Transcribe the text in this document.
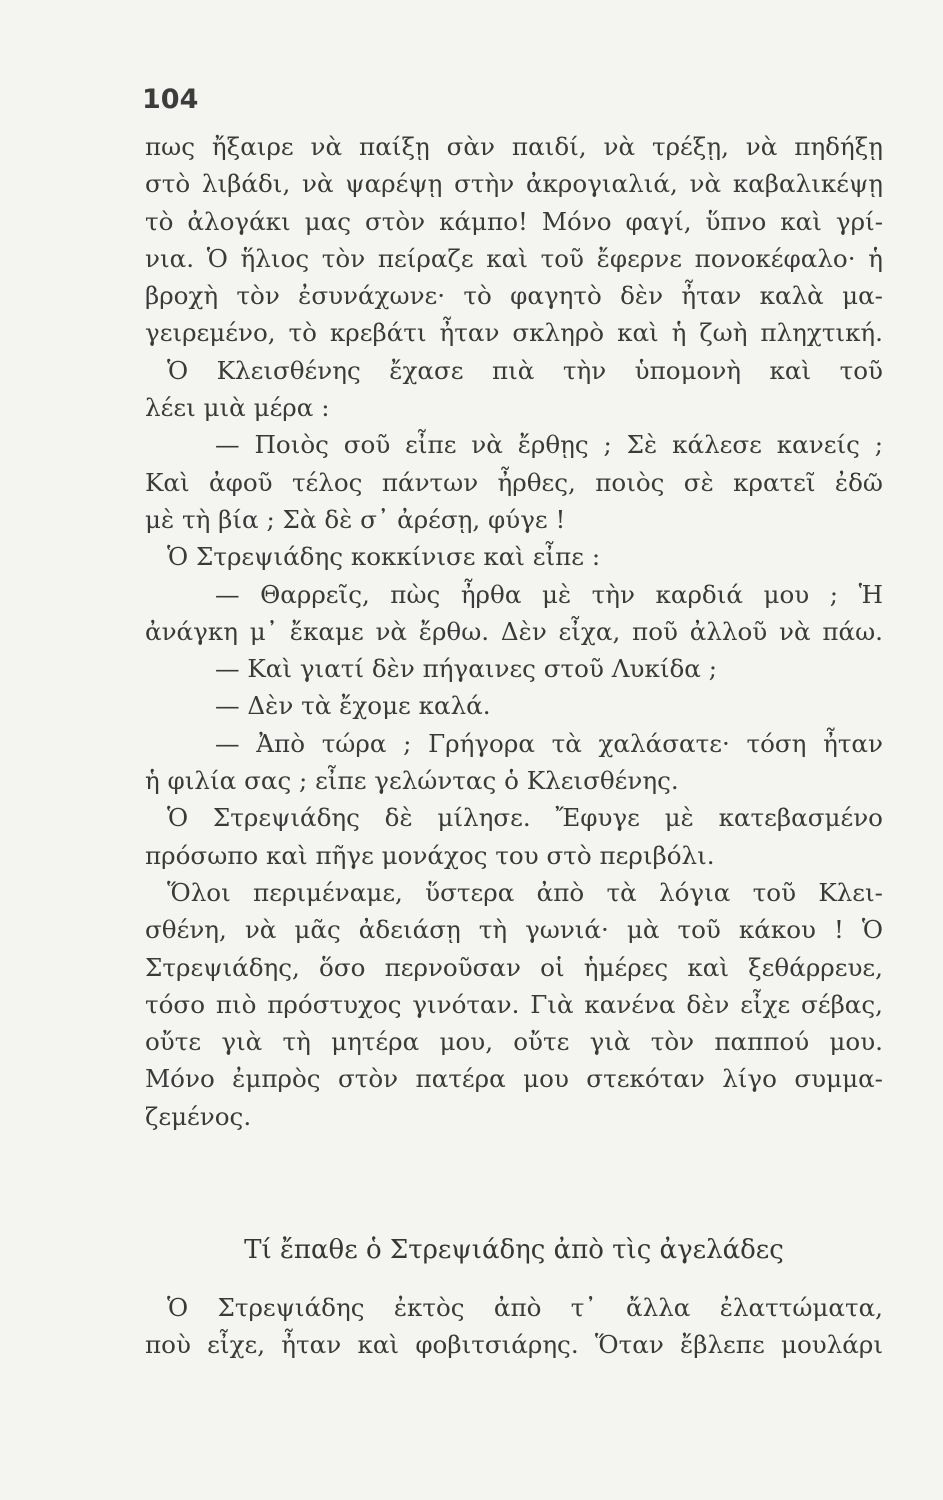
104
πως ἤξαιρε νὰ παίξῃ σὰν παιδί, νὰ τρέξῃ, νὰ πηδήξῃ
στὸ λιβάδι, νὰ ψαρέψῃ στὴν ἀκρογιαλιά, νὰ καβαλικέψῃ
τὸ ἀλογάκι μας στὸν κάμπο! Μόνο φαγί, ὕπνο καὶ γρί-
νια. Ὁ ἥλιος τὸν πείραζε καὶ τοῦ ἔφερνε πονοκέφαλο· ἡ
βροχὴ τὸν ἐσυνάχωνε· τὸ φαγητὸ δὲν ἦταν καλὰ μα-
γειρεμένο, τὸ κρεβάτι ἦταν σκληρὸ καὶ ἡ ζωὴ πληχτική.
Ὁ Κλεισθένης ἔχασε πιὰ τὴν ὑπομονὴ καὶ τοῦ
λέει μιὰ μέρα :
— Ποιὸς σοῦ εἶπε νὰ ἔρθῃς ; Σὲ κάλεσε κανείς ;
Καὶ ἀφοῦ τέλος πάντων ἦρθες, ποιὸς σὲ κρατεῖ ἐδῶ
μὲ τὴ βία ; Σὰ δὲ σ᾽ ἀρέσῃ, φύγε !
Ὁ Στρεψιάδης κοκκίνισε καὶ εἶπε :
— Θαρρεῖς, πὼς ἦρθα μὲ τὴν καρδιά μου ; Ἡ
ἀνάγκη μ᾽ ἔκαμε νὰ ἔρθω. Δὲν εἶχα, ποῦ ἀλλοῦ νὰ πάω.
— Καὶ γιατί δὲν πήγαινες στοῦ Λυκίδα ;
— Δὲν τὰ ἔχομε καλά.
— Ἀπὸ τώρα ; Γρήγορα τὰ χαλάσατε· τόση ἦταν
ἡ φιλία σας ; εἶπε γελώντας ὁ Κλεισθένης.
Ὁ Στρεψιάδης δὲ μίλησε. Ἔφυγε μὲ κατεβασμένο
πρόσωπο καὶ πῆγε μονάχος του στὸ περιβόλι.
Ὅλοι περιμέναμε, ὕστερα ἀπὸ τὰ λόγια τοῦ Κλει-
σθένη, νὰ μᾶς ἀδειάσῃ τὴ γωνιά· μὰ τοῦ κάκου ! Ὁ
Στρεψιάδης, ὅσο περνοῦσαν οἱ ἡμέρες καὶ ξεθάρρευε,
τόσο πιὸ πρόστυχος γινόταν. Γιὰ κανένα δὲν εἶχε σέβας,
οὔτε γιὰ τὴ μητέρα μου, οὔτε γιὰ τὸν παππού μου.
Μόνο ἐμπρὸς στὸν πατέρα μου στεκόταν λίγο συμμα-
ζεμένος.
Τί ἔπαθε ὁ Στρεψιάδης ἀπὸ τὶς ἀγελάδες
Ὁ Στρεψιάδης ἐκτὸς ἀπὸ τ᾽ ἄλλα ἐλαττώματα,
ποὺ εἶχε, ἦταν καὶ φοβιτσιάρης. Ὅταν ἔβλεπε μουλάρι
